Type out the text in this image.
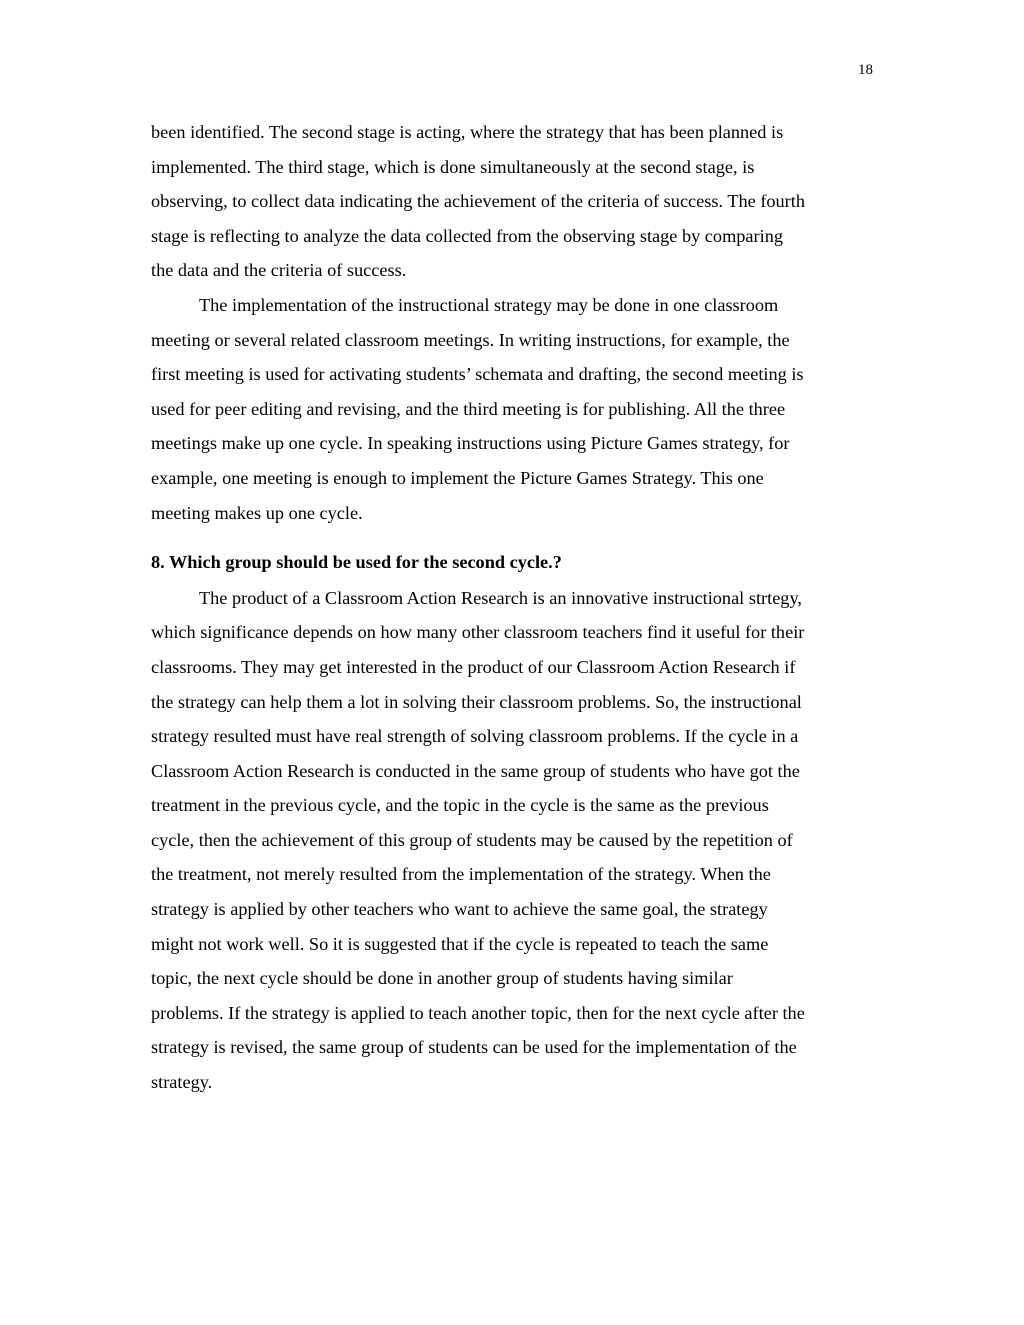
18
been identified. The second stage is acting, where the strategy that has been planned is
implemented. The third stage, which is done simultaneously at the second stage, is
observing, to collect data indicating the achievement of the criteria of success. The fourth
stage is reflecting to analyze the data collected from the observing stage by comparing
the data and the criteria of success.
The implementation of the instructional strategy may be done in one classroom
meeting or several related classroom meetings. In writing instructions, for example, the
first meeting is used for activating students’ schemata and drafting, the second meeting is
used for peer editing and revising, and the third meeting is for publishing. All the three
meetings make up one cycle. In speaking instructions using Picture Games strategy, for
example, one meeting is enough to implement the Picture Games Strategy. This one
meeting makes up one cycle.
8. Which group should be used for the second cycle.?
The product of a Classroom Action Research is an innovative instructional strtegy,
which significance depends on how many other classroom teachers find it useful for their
classrooms. They may get interested in the product of our Classroom Action Research if
the strategy can help them a lot in solving their classroom problems. So, the instructional
strategy resulted must have real strength of solving classroom problems. If the cycle in a
Classroom Action Research is conducted in the same group of students who have got the
treatment in the previous cycle, and the topic in the cycle is the same as the previous
cycle, then the achievement of this group of students may be caused by the repetition of
the treatment, not merely resulted from the implementation of the strategy. When the
strategy is applied by other teachers who want to achieve the same goal, the strategy
might not work well. So it is suggested that if the cycle is repeated to teach the same
topic, the next cycle should be done in another group of students having similar
problems. If the strategy is applied to teach another topic, then for the next cycle after the
strategy is revised, the same group of students can be used for the implementation of the
strategy.
